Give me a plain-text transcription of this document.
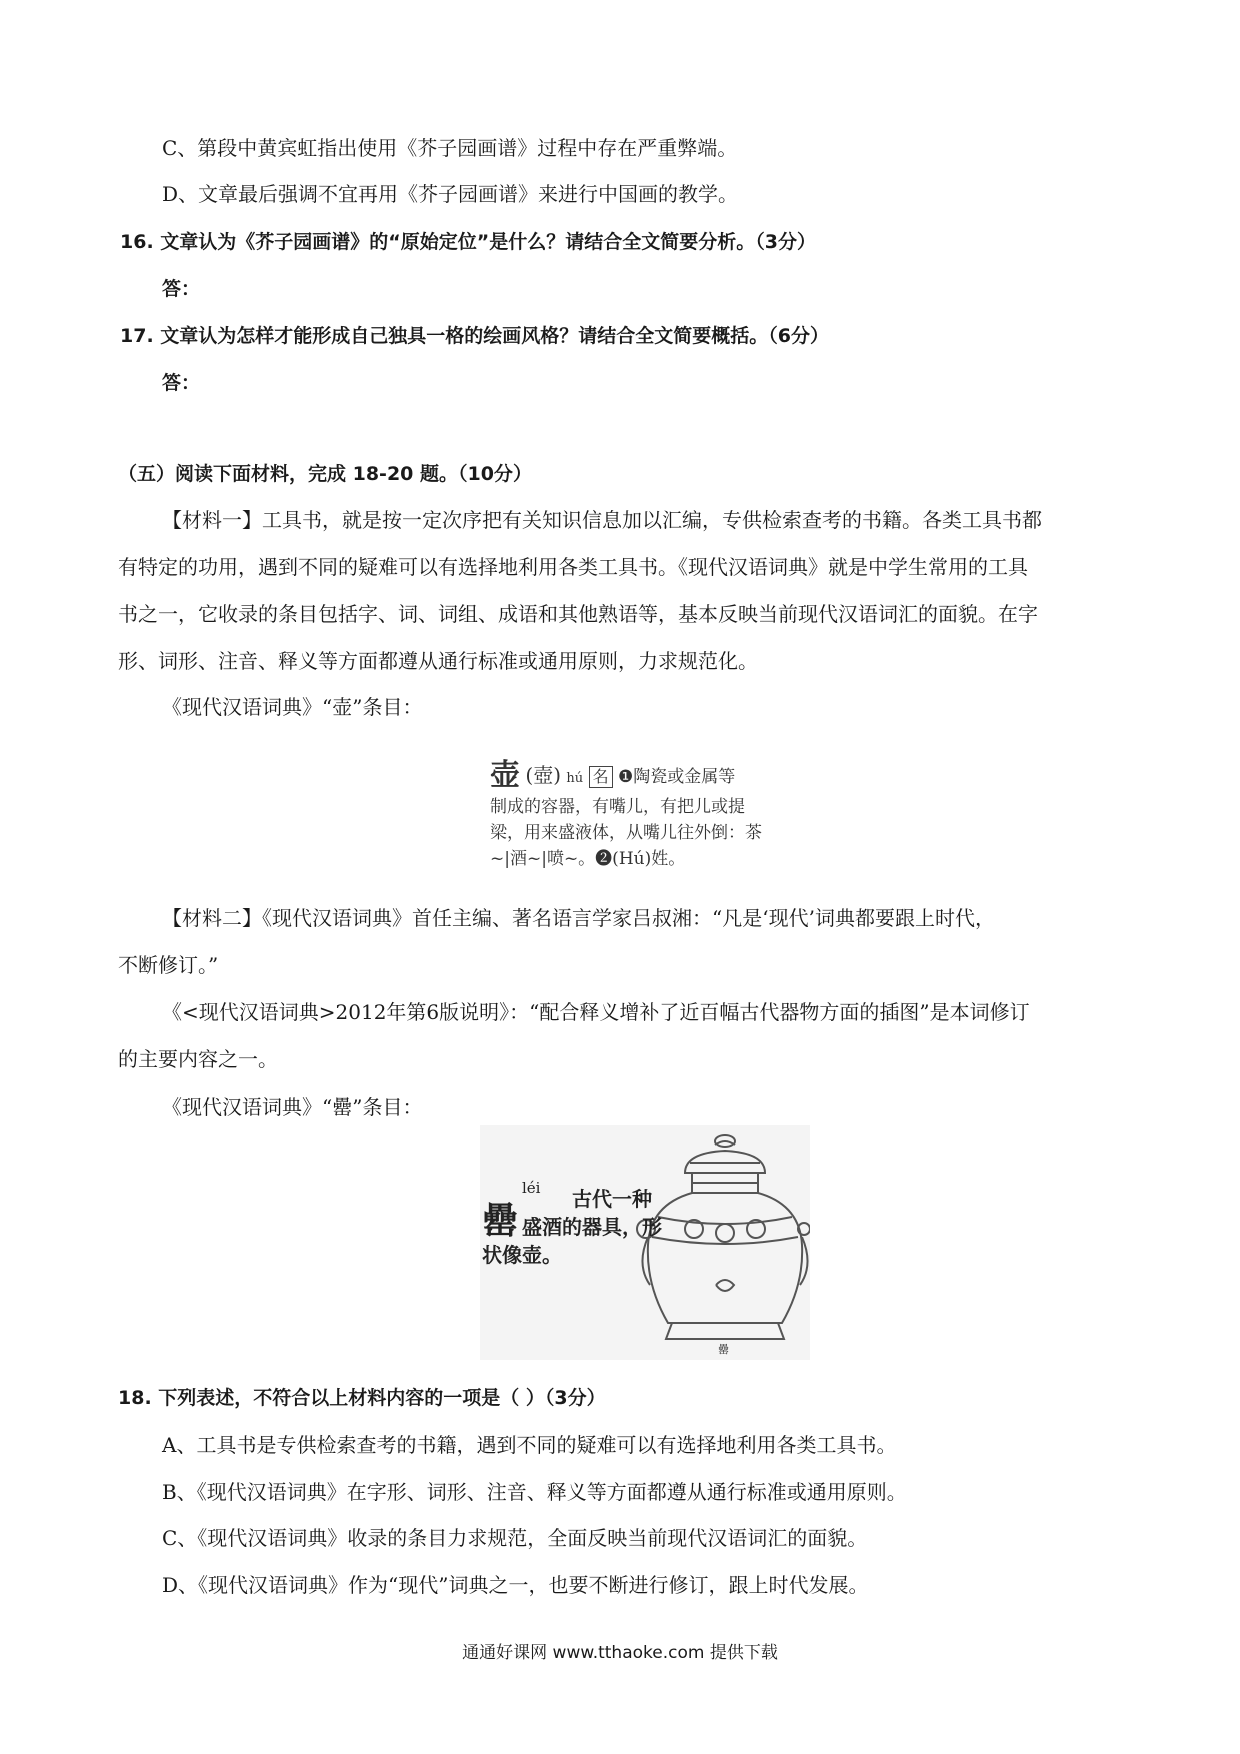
C、第段中黄宾虹指出使用《芥子园画谱》过程中存在严重弊端。
D、文章最后强调不宜再用《芥子园画谱》来进行中国画的教学。
16. 文章认为《芥子园画谱》的“原始定位”是什么？请结合全文简要分析。（3分）
答：
17. 文章认为怎样才能形成自己独具一格的绘画风格？请结合全文简要概括。（6分）
答：
（五）阅读下面材料，完成 18-20 题。（10分）
【材料一】工具书，就是按一定次序把有关知识信息加以汇编，专供检索查考的书籍。各类工具书都
有特定的功用，遇到不同的疑难可以有选择地利用各类工具书。《现代汉语词典》就是中学生常用的工具
书之一，它收录的条目包括字、词、词组、成语和其他熟语等，基本反映当前现代汉语词汇的面貌。在字
形、词形、注音、释义等方面都遵从通行标准或通用原则，力求规范化。
《现代汉语词典》“壶”条目：
壶 (壺) hú 名 ❶陶瓷或金属等
制成的容器，有嘴儿，有把儿或提
梁，用来盛液体，从嘴儿往外倒：茶
~|酒~|喷~。❷(Hú)姓。
【材料二】《现代汉语词典》首任主编、著名语言学家吕叔湘：“凡是‘现代’词典都要跟上时代，
不断修订。”
《<现代汉语词典>2012年第6版说明》：“配合释义增补了近百幅古代器物方面的插图”是本词修订
的主要内容之一。
《现代汉语词典》“罍”条目：
罍
léi 古代一种
盛酒的器具，形
状像壶。
罍
18. 下列表述，不符合以上材料内容的一项是（ ）（3分）
A、工具书是专供检索查考的书籍，遇到不同的疑难可以有选择地利用各类工具书。
B、《现代汉语词典》在字形、词形、注音、释义等方面都遵从通行标准或通用原则。
C、《现代汉语词典》收录的条目力求规范，全面反映当前现代汉语词汇的面貌。
D、《现代汉语词典》作为“现代”词典之一，也要不断进行修订，跟上时代发展。
通通好课网 www.tthaoke.com 提供下载
